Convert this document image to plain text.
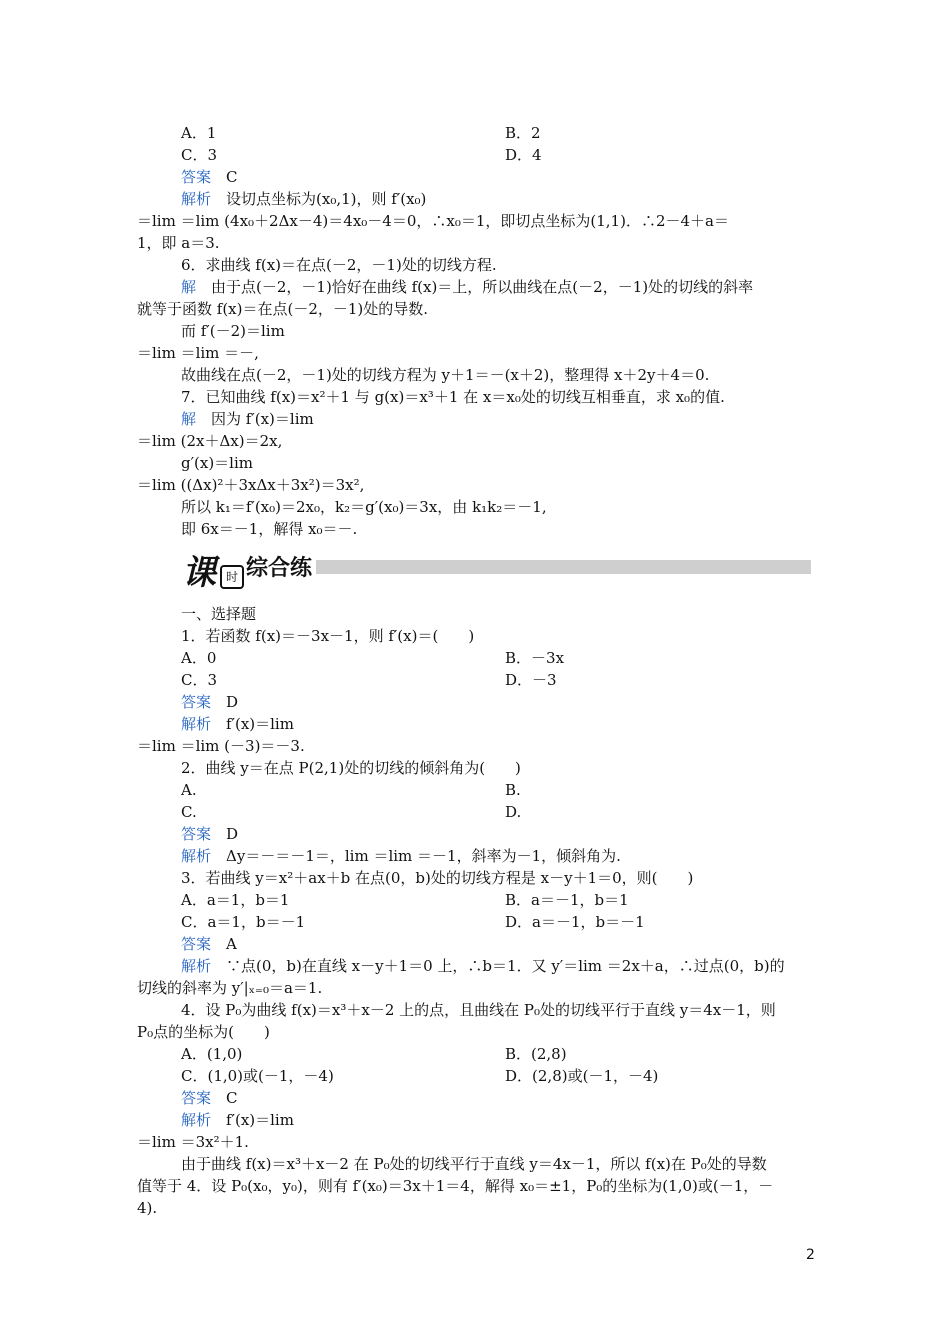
A．1	B．2
C．3	D．4
答案　C
解析　设切点坐标为(x₀,1)，则 f′(x₀)
＝lim ＝lim (4x₀＋2Δx－4)＝4x₀－4＝0，∴x₀＝1，即切点坐标为(1,1)．∴2－4＋a＝
1，即 a＝3.
6．求曲线 f(x)＝在点(－2，－1)处的切线方程.
解　由于点(－2，－1)恰好在曲线 f(x)＝上，所以曲线在点(－2，－1)处的切线的斜率
就等于函数 f(x)＝在点(－2，－1)处的导数.
而 f′(－2)＝lim
＝lim ＝lim ＝－,
故曲线在点(－2，－1)处的切线方程为 y＋1＝－(x＋2)，整理得 x＋2y＋4＝0.
7．已知曲线 f(x)＝x²＋1 与 g(x)＝x³＋1 在 x＝x₀处的切线互相垂直，求 x₀的值.
解　因为 f′(x)＝lim
＝lim (2x＋Δx)＝2x,
g′(x)＝lim
＝lim ((Δx)²＋3xΔx＋3x²)＝3x²,
所以 k₁＝f′(x₀)＝2x₀，k₂＝g′(x₀)＝3x，由 k₁k₂＝－1,
即 6x＝－1，解得 x₀＝－.
一、选择题
1．若函数 f(x)＝－3x－1，则 f′(x)＝(　　)
A．0	B．－3x
C．3	D．－3
答案　D
解析　f′(x)＝lim
＝lim ＝lim (－3)＝－3.
2．曲线 y＝在点 P(2,1)处的切线的倾斜角为(　　)
A.	B.
C.	D.
答案　D
解析　Δy＝－＝－1＝，lim ＝lim ＝－1，斜率为－1，倾斜角为.
3．若曲线 y＝x²＋ax＋b 在点(0，b)处的切线方程是 x－y＋1＝0，则(　　)
A．a＝1，b＝1	B．a＝－1，b＝1
C．a＝1，b＝－1	D．a＝－1，b＝－1
答案　A
解析　∵点(0，b)在直线 x－y＋1＝0 上，∴b＝1．又 y′＝lim ＝2x＋a，∴过点(0，b)的
切线的斜率为 y′|ₓ₌₀＝a＝1.
4．设 P₀为曲线 f(x)＝x³＋x－2 上的点，且曲线在 P₀处的切线平行于直线 y＝4x－1，则
P₀点的坐标为(　　)
A．(1,0)	B．(2,8)
C．(1,0)或(－1，－4)	D．(2,8)或(－1，－4)
答案　C
解析　f′(x)＝lim
＝lim ＝3x²＋1.
由于曲线 f(x)＝x³＋x－2 在 P₀处的切线平行于直线 y＝4x－1，所以 f(x)在 P₀处的导数
值等于 4．设 P₀(x₀，y₀)，则有 f′(x₀)＝3x＋1＝4，解得 x₀＝±1，P₀的坐标为(1,0)或(－1，－
4).
课 时 综合练
2
